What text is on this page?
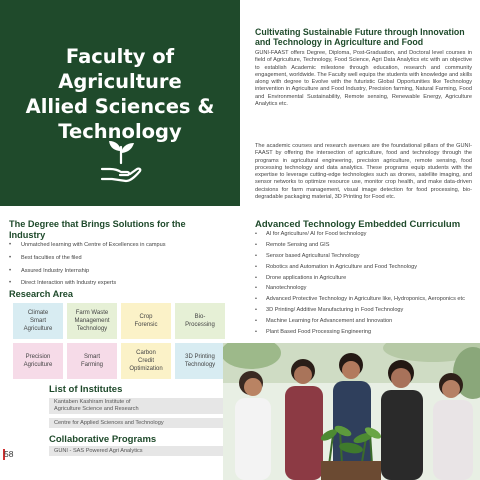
Faculty of
Agriculture
Allied Sciences &
Technology
The Degree that Brings Solutions for the Industry
• Unmatched learning with Centre of Excellences in campus
• Best faculties of the filed
• Assured Industry Internship
• Direct Interaction with Industry experts
Research Area
Climate
Smart
Agriculture
Farm Waste
Management
Technology
Crop
Forensic
Bio-
Processing
Precision
Agriculture
Smart
Farming
Carbon
Credit
Optimization
3D Printing
Technology
List of Institutes
Kantaben Kashiram Institute of
Agriculture Science and Research
Centre for Applied Sciences and Technology
Collaborative Programs
GUNI - SAS Powered Agri Analytics
58
Cultivating Sustainable Future through Innovation and Technology in Agriculture and Food
GUNI-FAAST offers Degree, Diploma, Post-Graduation, and Doctoral level courses in field of Agriculture, Technology, Food Science, Agri Data Analytics etc with an objective to establish Academic milestone through education, research and community engagement, worldwide. The Faculty well equips the students with knowledge and skills along with degree to Evolve with the futuristic Global Opportunities like Technology intervention in Agriculture and Food Industry, Precision farming, Natural Farming, Food and Environmental Sustainability, Remote sensing, Renewable Energy, Agriculture Analytics etc.
The academic courses and research avenues are the foundational pillars of the GUNI-FAAST by offering the intersection of agriculture, food and technology through the programs in agricultural engineering, precision agriculture, remote sensing, food processing technology and data analytics. These programs equip students with the expertise to leverage cutting-edge technologies such as drones, satellite imaging, and sensor networks to optimize resource use, monitor crop health, and make data-driven decisions for farm management, visual image detection for food processing, bio-degradable packaging material, 3D Printing for Food etc.
Advanced Technology Embedded Curriculum
• AI for Agriculture/ AI for Food technology
• Remote Sensing and GIS
• Sensor based Agricultural Technology
• Robotics and Automation in Agriculture and Food Technology
• Drone applications in Agriculture
• Nanotechnology
• Advanced Protective Technology in Agriculture like, Hydroponics, Aeroponics etc
• 3D Printing/ Additive Manufacturing in Food Technology
• Machine Learning for Advancement and Innovation
• Plant Based Food Processing Engineering
